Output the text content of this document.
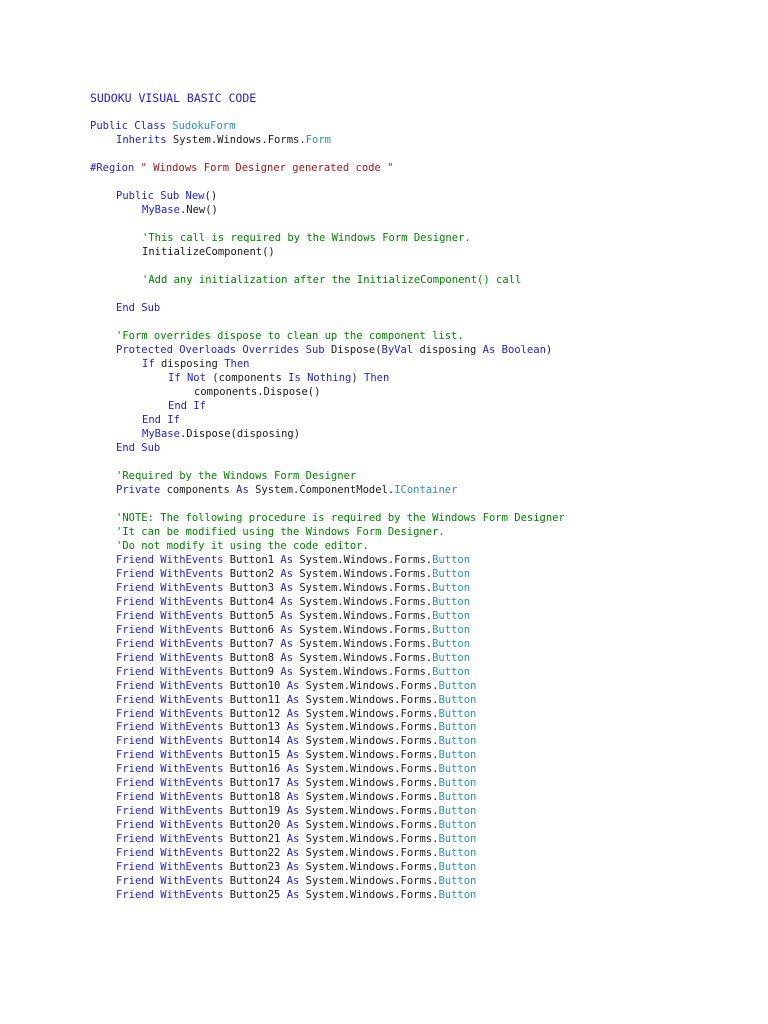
SUDOKU VISUAL BASIC CODE
Public Class SudokuForm
Inherits System.Windows.Forms.Form
#Region " Windows Form Designer generated code "
Public Sub New()
MyBase.New()
'This call is required by the Windows Form Designer.
InitializeComponent()
'Add any initialization after the InitializeComponent() call
End Sub
'Form overrides dispose to clean up the component list.
Protected Overloads Overrides Sub Dispose(ByVal disposing As Boolean)
If disposing Then
If Not (components Is Nothing) Then
components.Dispose()
End If
End If
MyBase.Dispose(disposing)
End Sub
'Required by the Windows Form Designer
Private components As System.ComponentModel.IContainer
'NOTE: The following procedure is required by the Windows Form Designer
'It can be modified using the Windows Form Designer.
'Do not modify it using the code editor.
Friend WithEvents Button1 As System.Windows.Forms.Button
Friend WithEvents Button2 As System.Windows.Forms.Button
Friend WithEvents Button3 As System.Windows.Forms.Button
Friend WithEvents Button4 As System.Windows.Forms.Button
Friend WithEvents Button5 As System.Windows.Forms.Button
Friend WithEvents Button6 As System.Windows.Forms.Button
Friend WithEvents Button7 As System.Windows.Forms.Button
Friend WithEvents Button8 As System.Windows.Forms.Button
Friend WithEvents Button9 As System.Windows.Forms.Button
Friend WithEvents Button10 As System.Windows.Forms.Button
Friend WithEvents Button11 As System.Windows.Forms.Button
Friend WithEvents Button12 As System.Windows.Forms.Button
Friend WithEvents Button13 As System.Windows.Forms.Button
Friend WithEvents Button14 As System.Windows.Forms.Button
Friend WithEvents Button15 As System.Windows.Forms.Button
Friend WithEvents Button16 As System.Windows.Forms.Button
Friend WithEvents Button17 As System.Windows.Forms.Button
Friend WithEvents Button18 As System.Windows.Forms.Button
Friend WithEvents Button19 As System.Windows.Forms.Button
Friend WithEvents Button20 As System.Windows.Forms.Button
Friend WithEvents Button21 As System.Windows.Forms.Button
Friend WithEvents Button22 As System.Windows.Forms.Button
Friend WithEvents Button23 As System.Windows.Forms.Button
Friend WithEvents Button24 As System.Windows.Forms.Button
Friend WithEvents Button25 As System.Windows.Forms.Button
